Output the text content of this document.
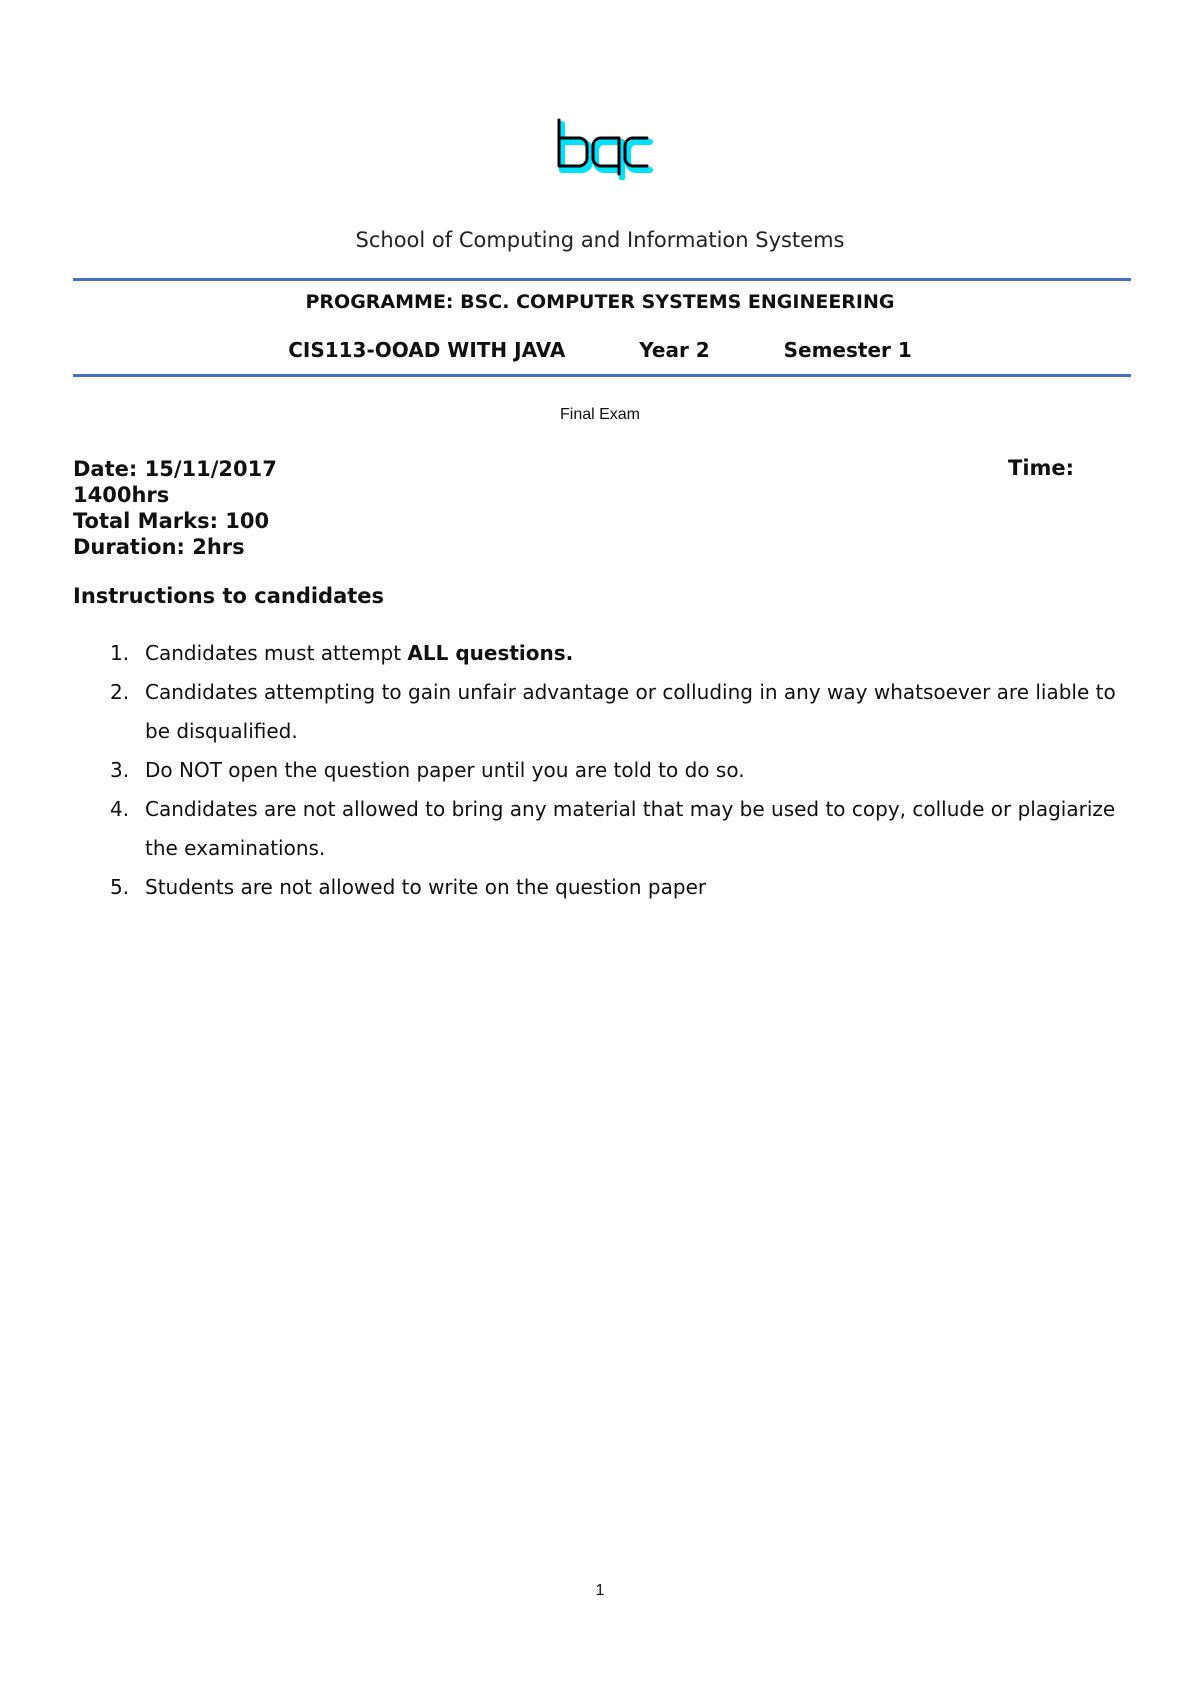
School of Computing and Information Systems
PROGRAMME: BSC. COMPUTER SYSTEMS ENGINEERING
CIS113-OOAD WITH JAVA	Year 2	Semester 1
Final Exam
Date: 15/11/2017
1400hrs
Total Marks: 100
Duration: 2hrs
Time:
Instructions to candidates
1. Candidates must attempt ALL questions.
2. Candidates attempting to gain unfair advantage or colluding in any way whatsoever are liable to be disqualified.
3. Do NOT open the question paper until you are told to do so.
4. Candidates are not allowed to bring any material that may be used to copy, collude or plagiarize the examinations.
5. Students are not allowed to write on the question paper
1
